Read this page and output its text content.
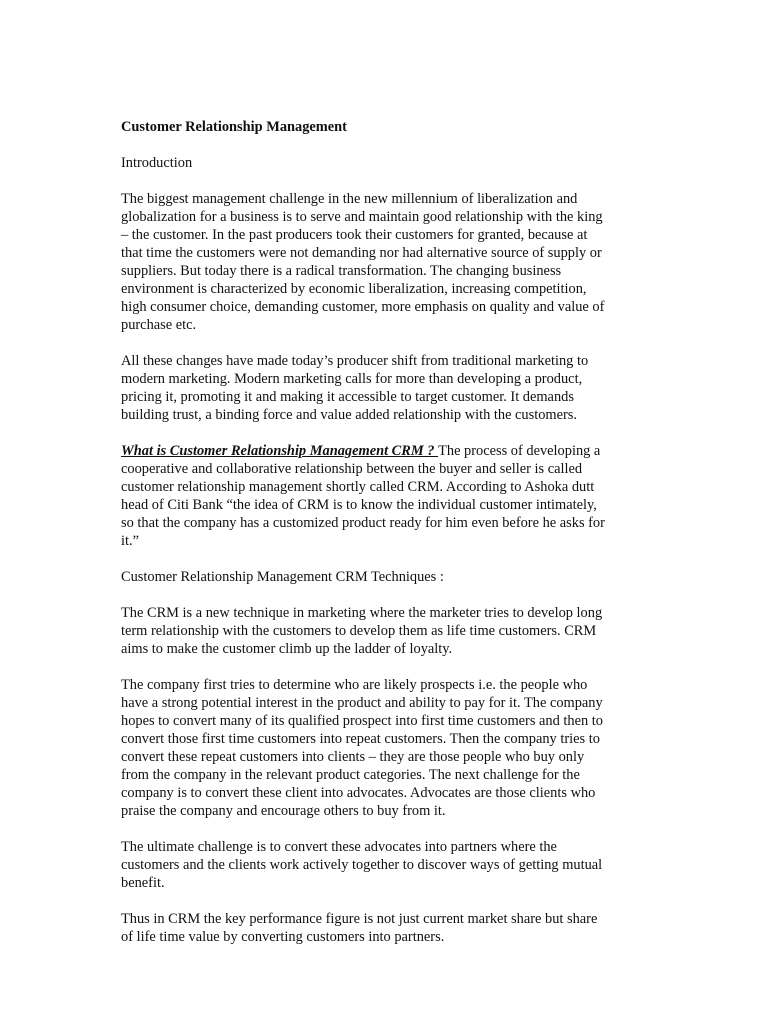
Customer Relationship Management
Introduction
The biggest management challenge in the new millennium of liberalization and
globalization for a business is to serve and maintain good relationship with the king
– the customer. In the past producers took their customers for granted, because at
that time the customers were not demanding nor had alternative source of supply or
suppliers. But today there is a radical transformation. The changing business
environment is characterized by economic liberalization, increasing competition,
high consumer choice, demanding customer, more emphasis on quality and value of
purchase etc.
All these changes have made today’s producer shift from traditional marketing to
modern marketing. Modern marketing calls for more than developing a product,
pricing it, promoting it and making it accessible to target customer. It demands
building trust, a binding force and value added relationship with the customers.
What is Customer Relationship Management CRM ? The process of developing a
cooperative and collaborative relationship between the buyer and seller is called
customer relationship management shortly called CRM. According to Ashoka dutt
head of Citi Bank “the idea of CRM is to know the individual customer intimately,
so that the company has a customized product ready for him even before he asks for
it.”
Customer Relationship Management CRM Techniques :
The CRM is a new technique in marketing where the marketer tries to develop long
term relationship with the customers to develop them as life time customers. CRM
aims to make the customer climb up the ladder of loyalty.
The company first tries to determine who are likely prospects i.e. the people who
have a strong potential interest in the product and ability to pay for it. The company
hopes to convert many of its qualified prospect into first time customers and then to
convert those first time customers into repeat customers. Then the company tries to
convert these repeat customers into clients – they are those people who buy only
from the company in the relevant product categories. The next challenge for the
company is to convert these client into advocates. Advocates are those clients who
praise the company and encourage others to buy from it.
The ultimate challenge is to convert these advocates into partners where the
customers and the clients work actively together to discover ways of getting mutual
benefit.
Thus in CRM the key performance figure is not just current market share but share
of life time value by converting customers into partners.
